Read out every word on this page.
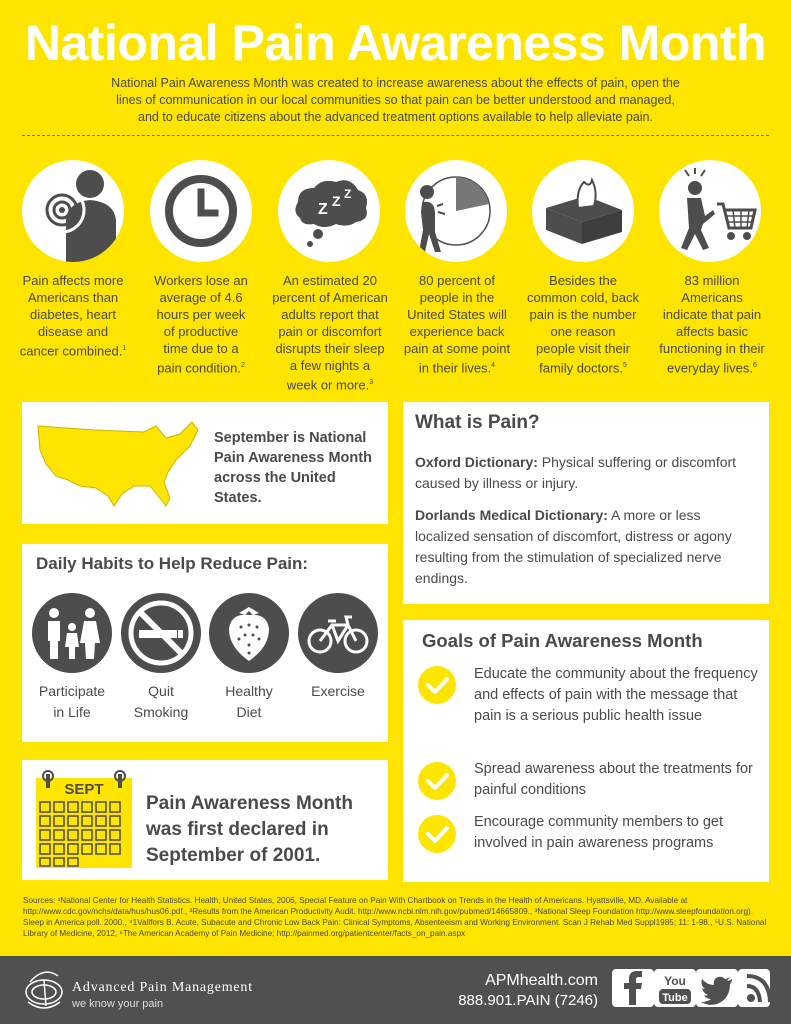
National Pain Awareness Month
National Pain Awareness Month was created to increase awareness about the effects of pain, open the
lines of communication in our local communities so that pain can be better understood and managed,
and to educate citizens about the advanced treatment options available to help alleviate pain.
Z Z Z
Pain affects more
Americans than
diabetes, heart
disease and
cancer combined.$^1$
Workers lose an
average of 4.6
hours per week
of productive
time due to a
pain condition.$^2$
An estimated 20
percent of American
adults report that
pain or discomfort
disrupts their sleep
a few nights a
week or more.$^3$
80 percent of
people in the
United States will
experience back
pain at some point
in their lives.$^4$
Besides the
common cold, back
pain is the number
one reason
people visit their
family doctors.$^5$
83 million
Americans
indicate that pain
affects basic
functioning in their
everyday lives.$^6$
September is National Pain Awareness Month across the United States.
What is Pain?
Oxford Dictionary: Physical suffering or discomfort caused by illness or injury.
Dorlands Medical Dictionary: A more or less localized sensation of discomfort, distress or agony resulting from the stimulation of specialized nerve endings.
Daily Habits to Help Reduce Pain:
Participate
in Life
Quit
Smoking
Healthy
Diet
Exercise
Goals of Pain Awareness Month
Educate the community about the frequency and effects of pain with the message that pain is a serious public health issue
Spread awareness about the treatments for painful conditions
Encourage community members to get involved in pain awareness programs
SEPT
Pain Awareness Month was first declared in September of 2001.
Sources: ¹National Center for Health Statistics. Health, United States, 2006, Special Feature on Pain With Chartbook on Trends in the Health of Americans. Hyattsville, MD. Available at http://www.cdc.gov/nchs/data/hus/hus06.pdf., ²Results from the American Productivity Audit. http://www.ncbi.nlm.nih.gov/pubmed/14665809., ³National Sleep Foundation http://www.sleepfoundation.org). Sleep in America poll. 2000., ⁴1Vallfors B. Acute, Subacute and Chronic Low Back Pain: Clinical Symptoms, Absenteeism and Working Environment. Scan J Rehab Med Suppl1985; 11: 1-98., ⁵U.S. National Library of Medicine, 2012, ⁶The American Academy of Pain Medicine; http://painmed.org/patientcenter/facts_on_pain.aspx
Advanced Pain Management
we know your pain
APMhealth.com
888.901.PAIN (7246)
You
Tube
